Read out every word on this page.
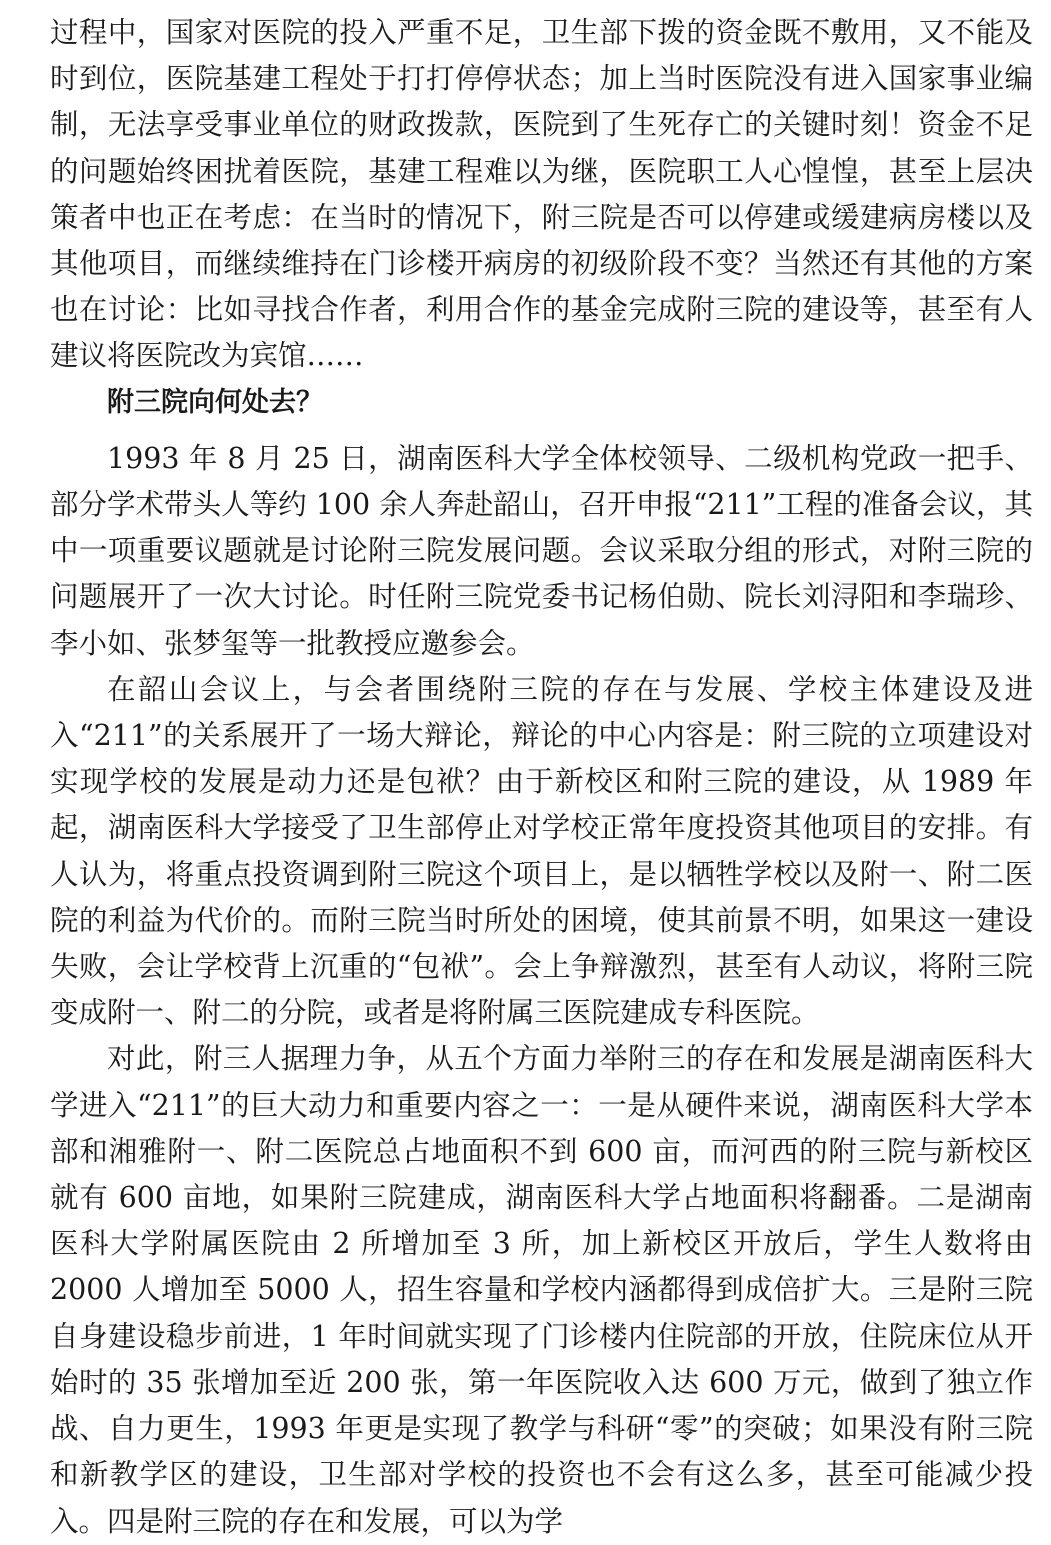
过程中，国家对医院的投入严重不足，卫生部下拨的资金既不敷用，又不能及时到位，医院基建工程处于打打停停状态；加上当时医院没有进入国家事业编制，无法享受事业单位的财政拨款，医院到了生死存亡的关键时刻！资金不足的问题始终困扰着医院，基建工程难以为继，医院职工人心惶惶，甚至上层决策者中也正在考虑：在当时的情况下，附三院是否可以停建或缓建病房楼以及其他项目，而继续维持在门诊楼开病房的初级阶段不变？当然还有其他的方案也在讨论：比如寻找合作者，利用合作的基金完成附三院的建设等，甚至有人建议将医院改为宾馆……

附三院向何处去？

1993 年 8 月 25 日，湖南医科大学全体校领导、二级机构党政一把手、部分学术带头人等约 100 余人奔赴韶山，召开申报“211”工程的准备会议，其中一项重要议题就是讨论附三院发展问题。会议采取分组的形式，对附三院的问题展开了一次大讨论。时任附三院党委书记杨伯勋、院长刘浔阳和李瑞珍、李小如、张梦玺等一批教授应邀参会。

在韶山会议上，与会者围绕附三院的存在与发展、学校主体建设及进入“211”的关系展开了一场大辩论，辩论的中心内容是：附三院的立项建设对实现学校的发展是动力还是包袱？由于新校区和附三院的建设，从 1989 年起，湖南医科大学接受了卫生部停止对学校正常年度投资其他项目的安排。有人认为，将重点投资调到附三院这个项目上，是以牺牲学校以及附一、附二医院的利益为代价的。而附三院当时所处的困境，使其前景不明，如果这一建设失败，会让学校背上沉重的“包袱”。会上争辩激烈，甚至有人动议，将附三院变成附一、附二的分院，或者是将附属三医院建成专科医院。

对此，附三人据理力争，从五个方面力举附三的存在和发展是湖南医科大学进入“211”的巨大动力和重要内容之一：一是从硬件来说，湖南医科大学本部和湘雅附一、附二医院总占地面积不到 600 亩，而河西的附三院与新校区就有 600 亩地，如果附三院建成，湖南医科大学占地面积将翻番。二是湖南医科大学附属医院由 2 所增加至 3 所，加上新校区开放后，学生人数将由 2000 人增加至 5000 人，招生容量和学校内涵都得到成倍扩大。三是附三院自身建设稳步前进，1 年时间就实现了门诊楼内住院部的开放，住院床位从开始时的 35 张增加至近 200 张，第一年医院收入达 600 万元，做到了独立作战、自力更生，1993 年更是实现了教学与科研“零”的突破；如果没有附三院和新教学区的建设，卫生部对学校的投资也不会有这么多，甚至可能减少投入。四是附三院的存在和发展，可以为学
